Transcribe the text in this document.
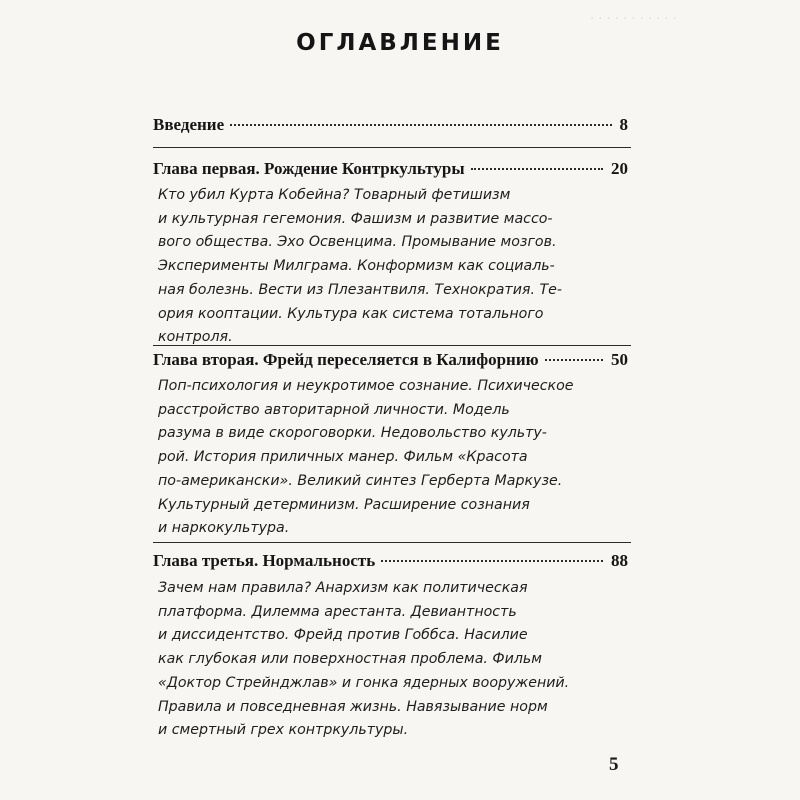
· · · · · · · · · · ·
ОГЛАВЛЕНИЕ
Введение	8
Глава первая. Рождение Контркультуры	20
Кто убил Курта Кобейна? Товарный фетишизм
и культурная гегемония. Фашизм и развитие массо-
вого общества. Эхо Освенцима. Промывание мозгов.
Эксперименты Милграма. Конформизм как социаль-
ная болезнь. Вести из Плезантвиля. Технократия. Те-
ория кооптации. Культура как система тотального
контроля.
Глава вторая. Фрейд переселяется в Калифорнию	50
Поп-психология и неукротимое сознание. Психическое
расстройство авторитарной личности. Модель
разума в виде скороговорки. Недовольство культу-
рой. История приличных манер. Фильм «Красота
по-американски». Великий синтез Герберта Маркузе.
Культурный детерминизм. Расширение сознания
и наркокультура.
Глава третья. Нормальность	88
Зачем нам правила? Анархизм как политическая
платформа. Дилемма арестанта. Девиантность
и диссидентство. Фрейд против Гоббса. Насилие
как глубокая или поверхностная проблема. Фильм
«Доктор Стрейнджлав» и гонка ядерных вооружений.
Правила и повседневная жизнь. Навязывание норм
и смертный грех контркультуры.
5
